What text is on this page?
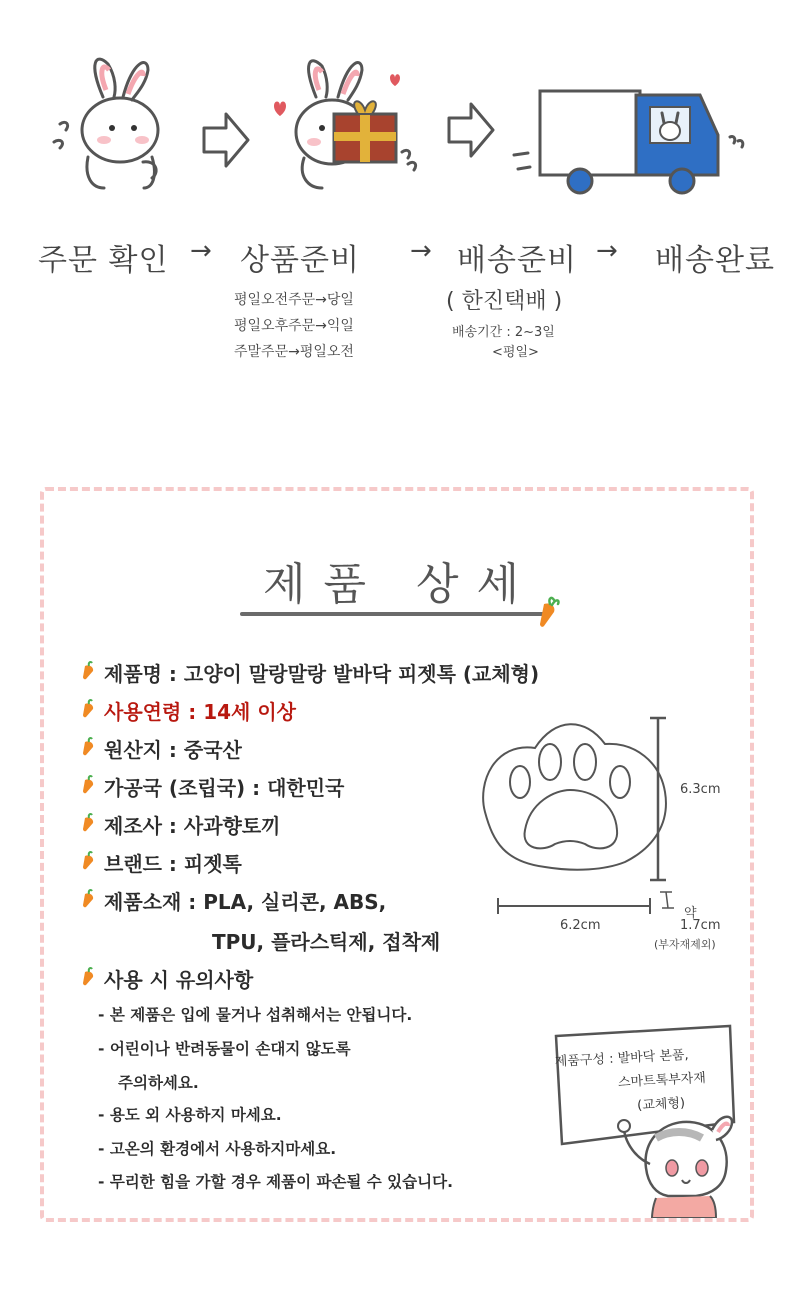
주문 확인 → 상품준비 → 배송준비 → 배송완료
( 한진택배 )
평일오전주문→당일
평일오후주문→익일
주말주문→평일오전
배송기간 : 2~3일
<평일>
제품 상세
제품명 : 고양이 말랑말랑 발바닥 피젯톡 (교체형)
사용연령 : 14세 이상
원산지 : 중국산
가공국 (조립국) : 대한민국
제조사 : 사과향토끼
브랜드 : 피젯톡
제품소재 : PLA, 실리콘, ABS,
TPU, 플라스틱제, 접착제
사용 시 유의사항
- 본 제품은 입에 물거나 섭취해서는 안됩니다.
- 어린이나 반려동물이 손대지 않도록
주의하세요.
- 용도 외 사용하지 마세요.
- 고온의 환경에서 사용하지마세요.
- 무리한 힘을 가할 경우 제품이 파손될 수 있습니다.
6.3cm
6.2cm
약
1.7cm
(부자재제외)
제품구성 : 발바닥 본품,
스마트톡부자재
(교체형)
